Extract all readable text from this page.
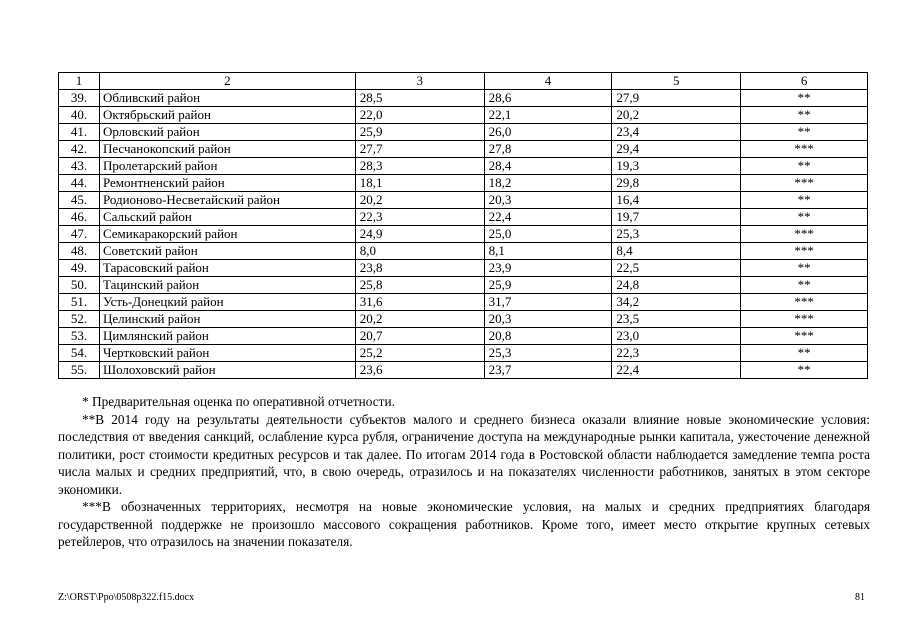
1	2	3	4	5	6
39.	Обливский район	28,5	28,6	27,9	**
40.	Октябрьский район	22,0	22,1	20,2	**
41.	Орловский район	25,9	26,0	23,4	**
42.	Песчанокопский район	27,7	27,8	29,4	***
43.	Пролетарский район	28,3	28,4	19,3	**
44.	Ремонтненский район	18,1	18,2	29,8	***
45.	Родионово-Несветайский район	20,2	20,3	16,4	**
46.	Сальский район	22,3	22,4	19,7	**
47.	Семикаракорский район	24,9	25,0	25,3	***
48.	Советский район	8,0	8,1	8,4	***
49.	Тарасовский район	23,8	23,9	22,5	**
50.	Тацинский район	25,8	25,9	24,8	**
51.	Усть-Донецкий район	31,6	31,7	34,2	***
52.	Целинский район	20,2	20,3	23,5	***
53.	Цимлянский район	20,7	20,8	23,0	***
54.	Чертковский район	25,2	25,3	22,3	**
55.	Шолоховский район	23,6	23,7	22,4	**

* Предварительная оценка по оперативной отчетности.

**В 2014 году на результаты деятельности субъектов малого и среднего бизнеса оказали влияние новые экономические условия: последствия от введения санкций, ослабление курса рубля, ограничение доступа на международные рынки капитала, ужесточение денежной политики, рост стоимости кредитных ресурсов и так далее. По итогам 2014 года в Ростовской области наблюдается замедление темпа роста числа малых и средних предприятий, что, в свою очередь, отразилось и на показателях численности работников, занятых в этом секторе экономики.

***В обозначенных территориях, несмотря на новые экономические условия, на малых и средних предприятиях благодаря государственной поддержке не произошло массового сокращения работников. Кроме того, имеет место открытие крупных сетевых ретейлеров, что отразилось на значении показателя.

Z:\ORST\Ppo\0508p322.f15.docx	81
